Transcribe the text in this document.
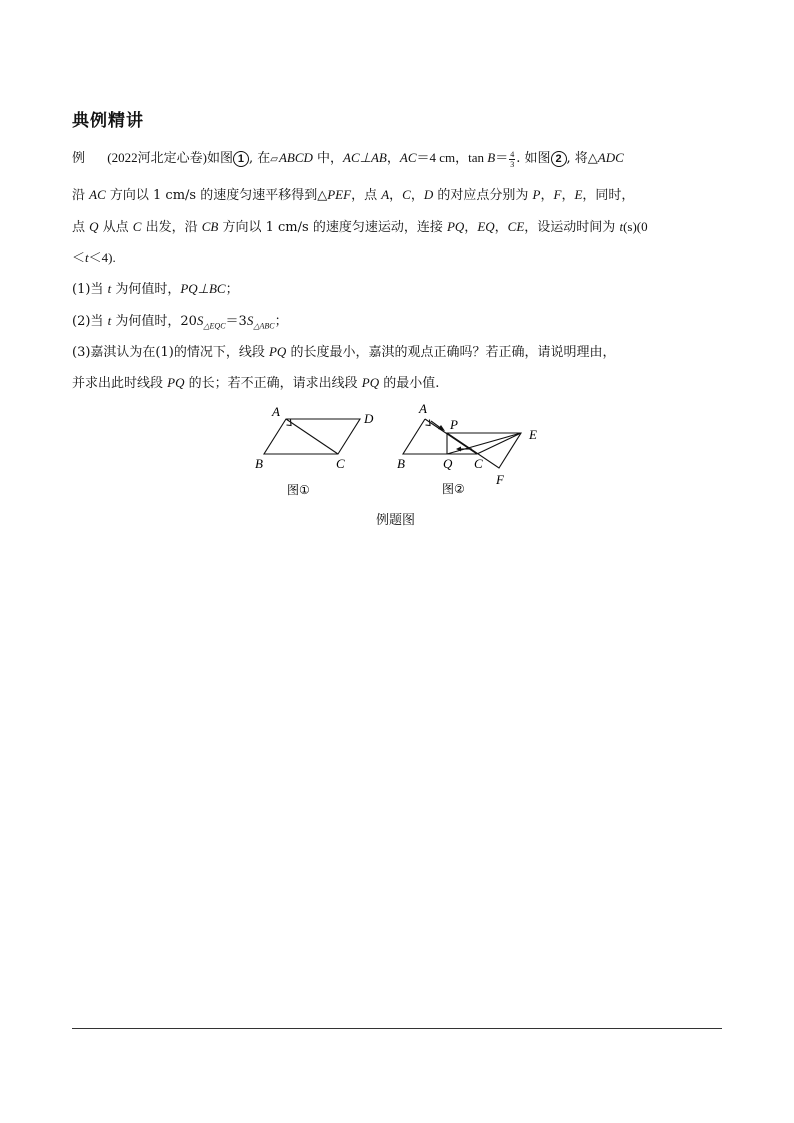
典例精讲
例 (2022河北定心卷)如图 1 , 在▱ABCD 中，AC⊥AB，AC＝4 cm，$\tan B= \frac{4}{3}$ . 如图 2 , 将△ADC
沿 AC 方向以 1 cm/s 的速度匀速平移得到△PEF，点 A，C，D 的对应点分别为 P，F，E，同时，
点 Q 从点 C 出发，沿 CB 方向以 1 cm/s 的速度匀速运动，连接 PQ，EQ，CE，设运动时间为 t(s)(0
＜t＜4).
(1)当 t 为何值时，PQ⊥BC；
(2)当 t 为何值时，$20S_{\triangle EQC}=3S_{\triangle ABC}$；
(3)嘉淇认为在(1)的情况下，线段 PQ 的长度最小，嘉淇的观点正确吗？若正确，请说明理由，
并求出此时线段 PQ 的长；若不正确，请求出线段 PQ 的最小值.
A	D
B	C
图①
A
P
E
B	Q C
F
图②
例题图
